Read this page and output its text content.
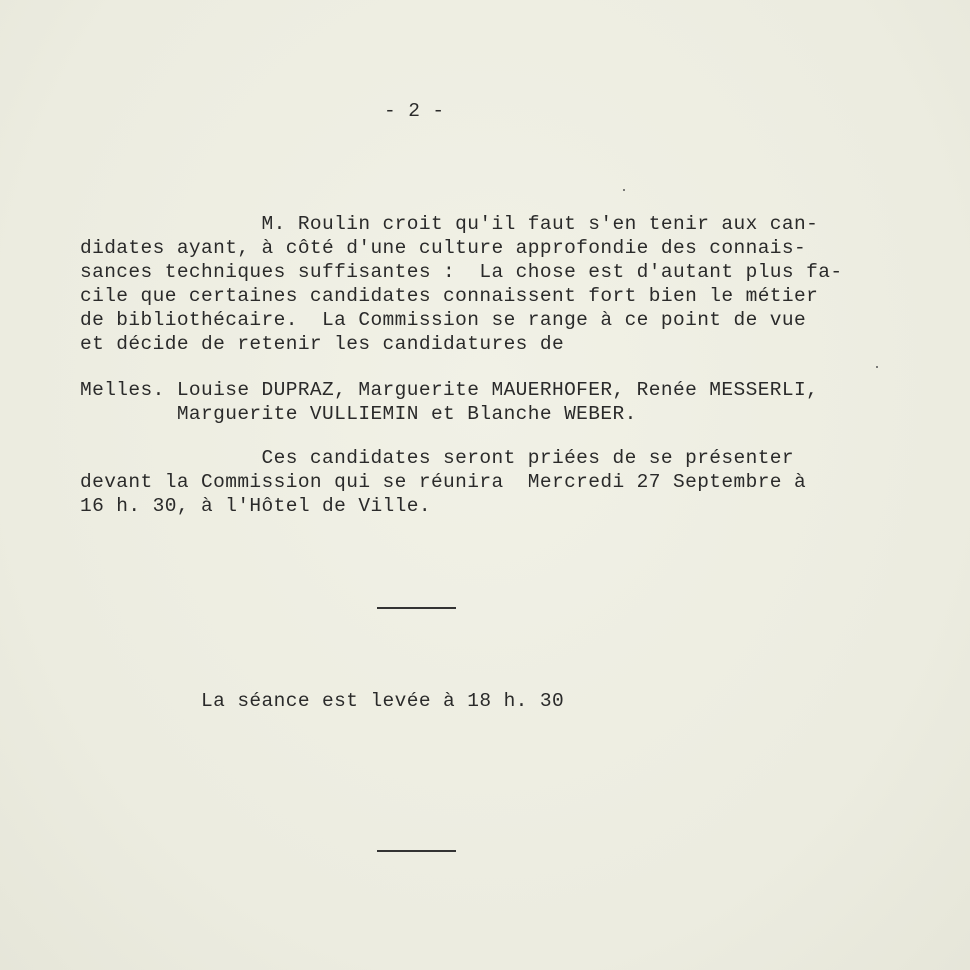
- 2 -
M. Roulin croit qu'il faut s'en tenir aux can-
didates ayant, à côté d'une culture approfondie des connais-
sances techniques suffisantes :  La chose est d'autant plus fa-
cile que certaines candidates connaissent fort bien le métier
de bibliothécaire.  La Commission se range à ce point de vue
et décide de retenir les candidatures de
Melles. Louise DUPRAZ, Marguerite MAUERHOFER, Renée MESSERLI,
Marguerite VULLIEMIN et Blanche WEBER.
Ces candidates seront priées de se présenter
devant la Commission qui se réunira  Mercredi 27 Septembre à
16 h. 30, à l'Hôtel de Ville.
La séance est levée à 18 h. 30
